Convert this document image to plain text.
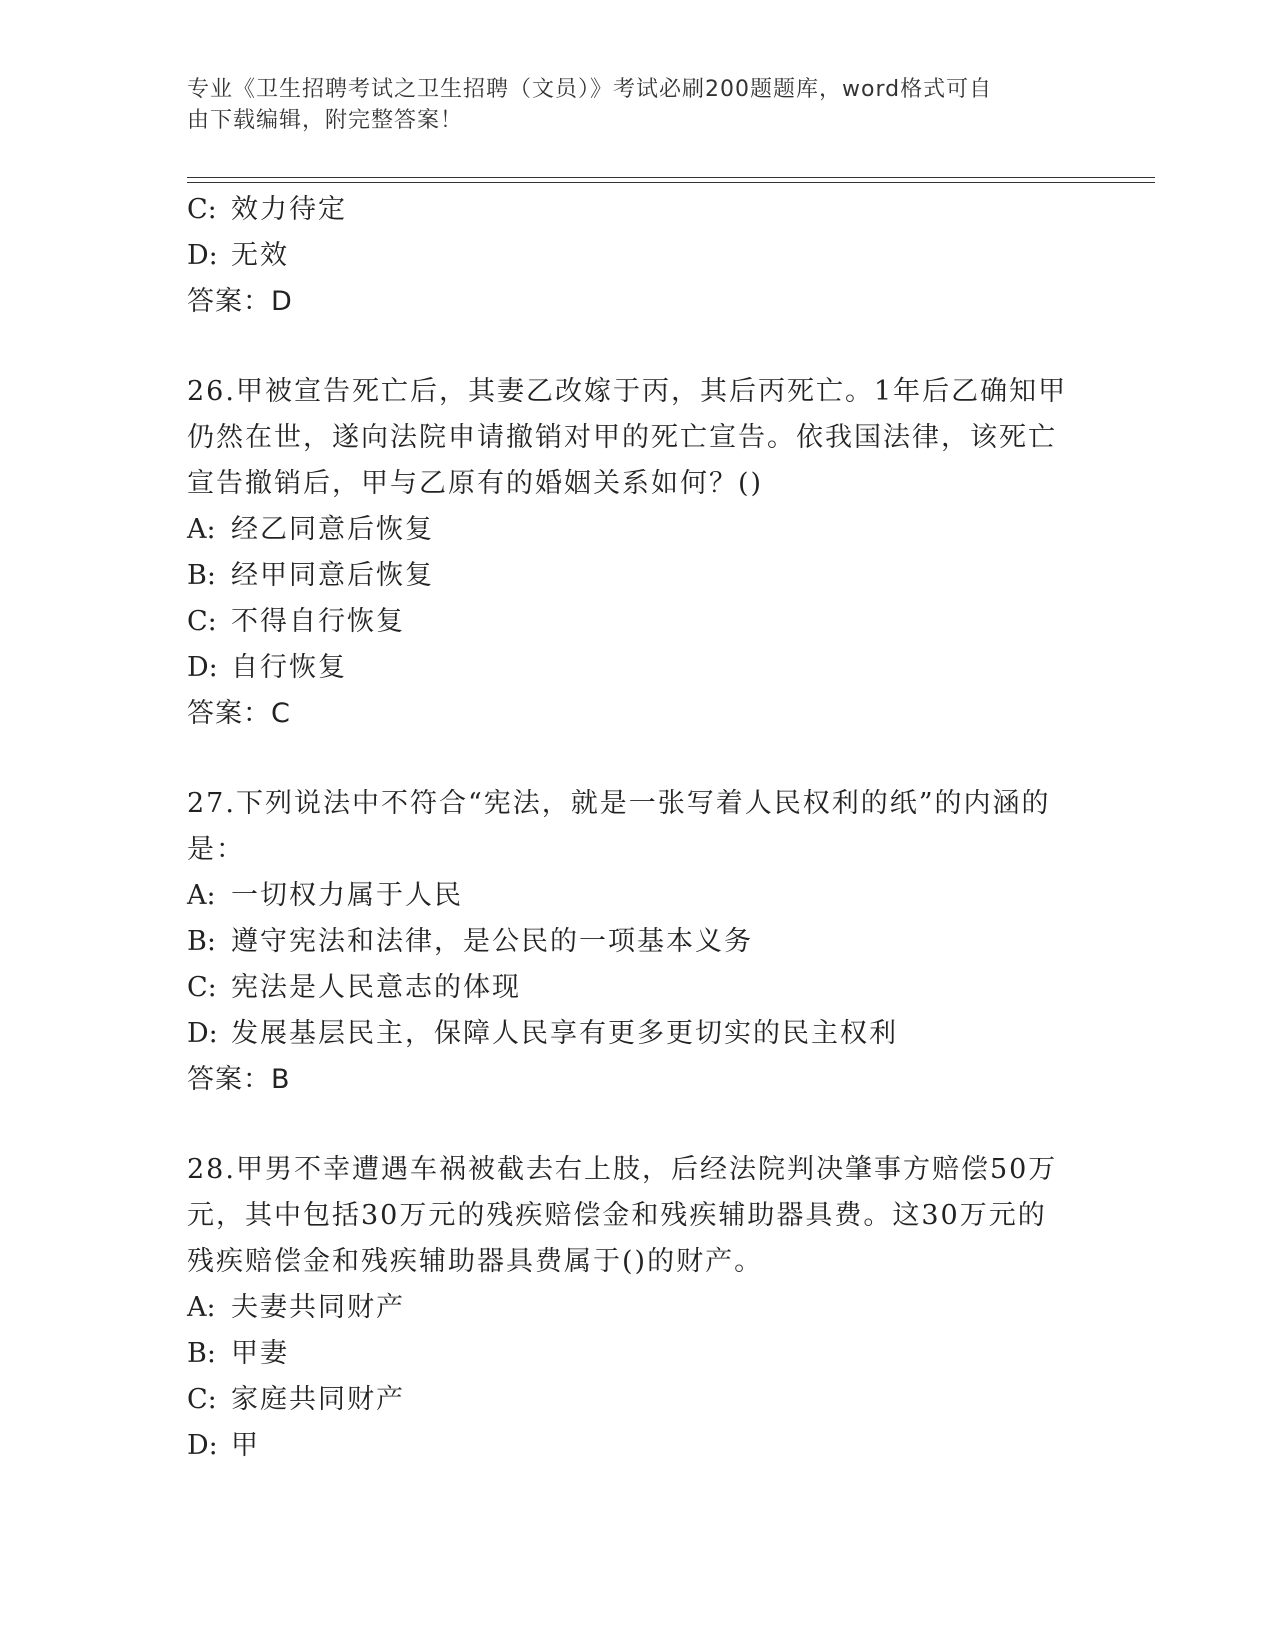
专业《卫生招聘考试之卫生招聘（文员）》考试必刷200题题库，word格式可自
由下载编辑，附完整答案！
C: 效力待定
D: 无效
答案：D
26.甲被宣告死亡后，其妻乙改嫁于丙，其后丙死亡。1年后乙确知甲
仍然在世，遂向法院申请撤销对甲的死亡宣告。依我国法律，该死亡
宣告撤销后，甲与乙原有的婚姻关系如何？()
A: 经乙同意后恢复
B: 经甲同意后恢复
C: 不得自行恢复
D: 自行恢复
答案：C
27.下列说法中不符合“宪法，就是一张写着人民权利的纸”的内涵的
是：
A: 一切权力属于人民
B: 遵守宪法和法律，是公民的一项基本义务
C: 宪法是人民意志的体现
D: 发展基层民主，保障人民享有更多更切实的民主权利
答案：B
28.甲男不幸遭遇车祸被截去右上肢，后经法院判决肇事方赔偿50万
元，其中包括30万元的残疾赔偿金和残疾辅助器具费。这30万元的
残疾赔偿金和残疾辅助器具费属于()的财产。
A: 夫妻共同财产
B: 甲妻
C: 家庭共同财产
D: 甲
